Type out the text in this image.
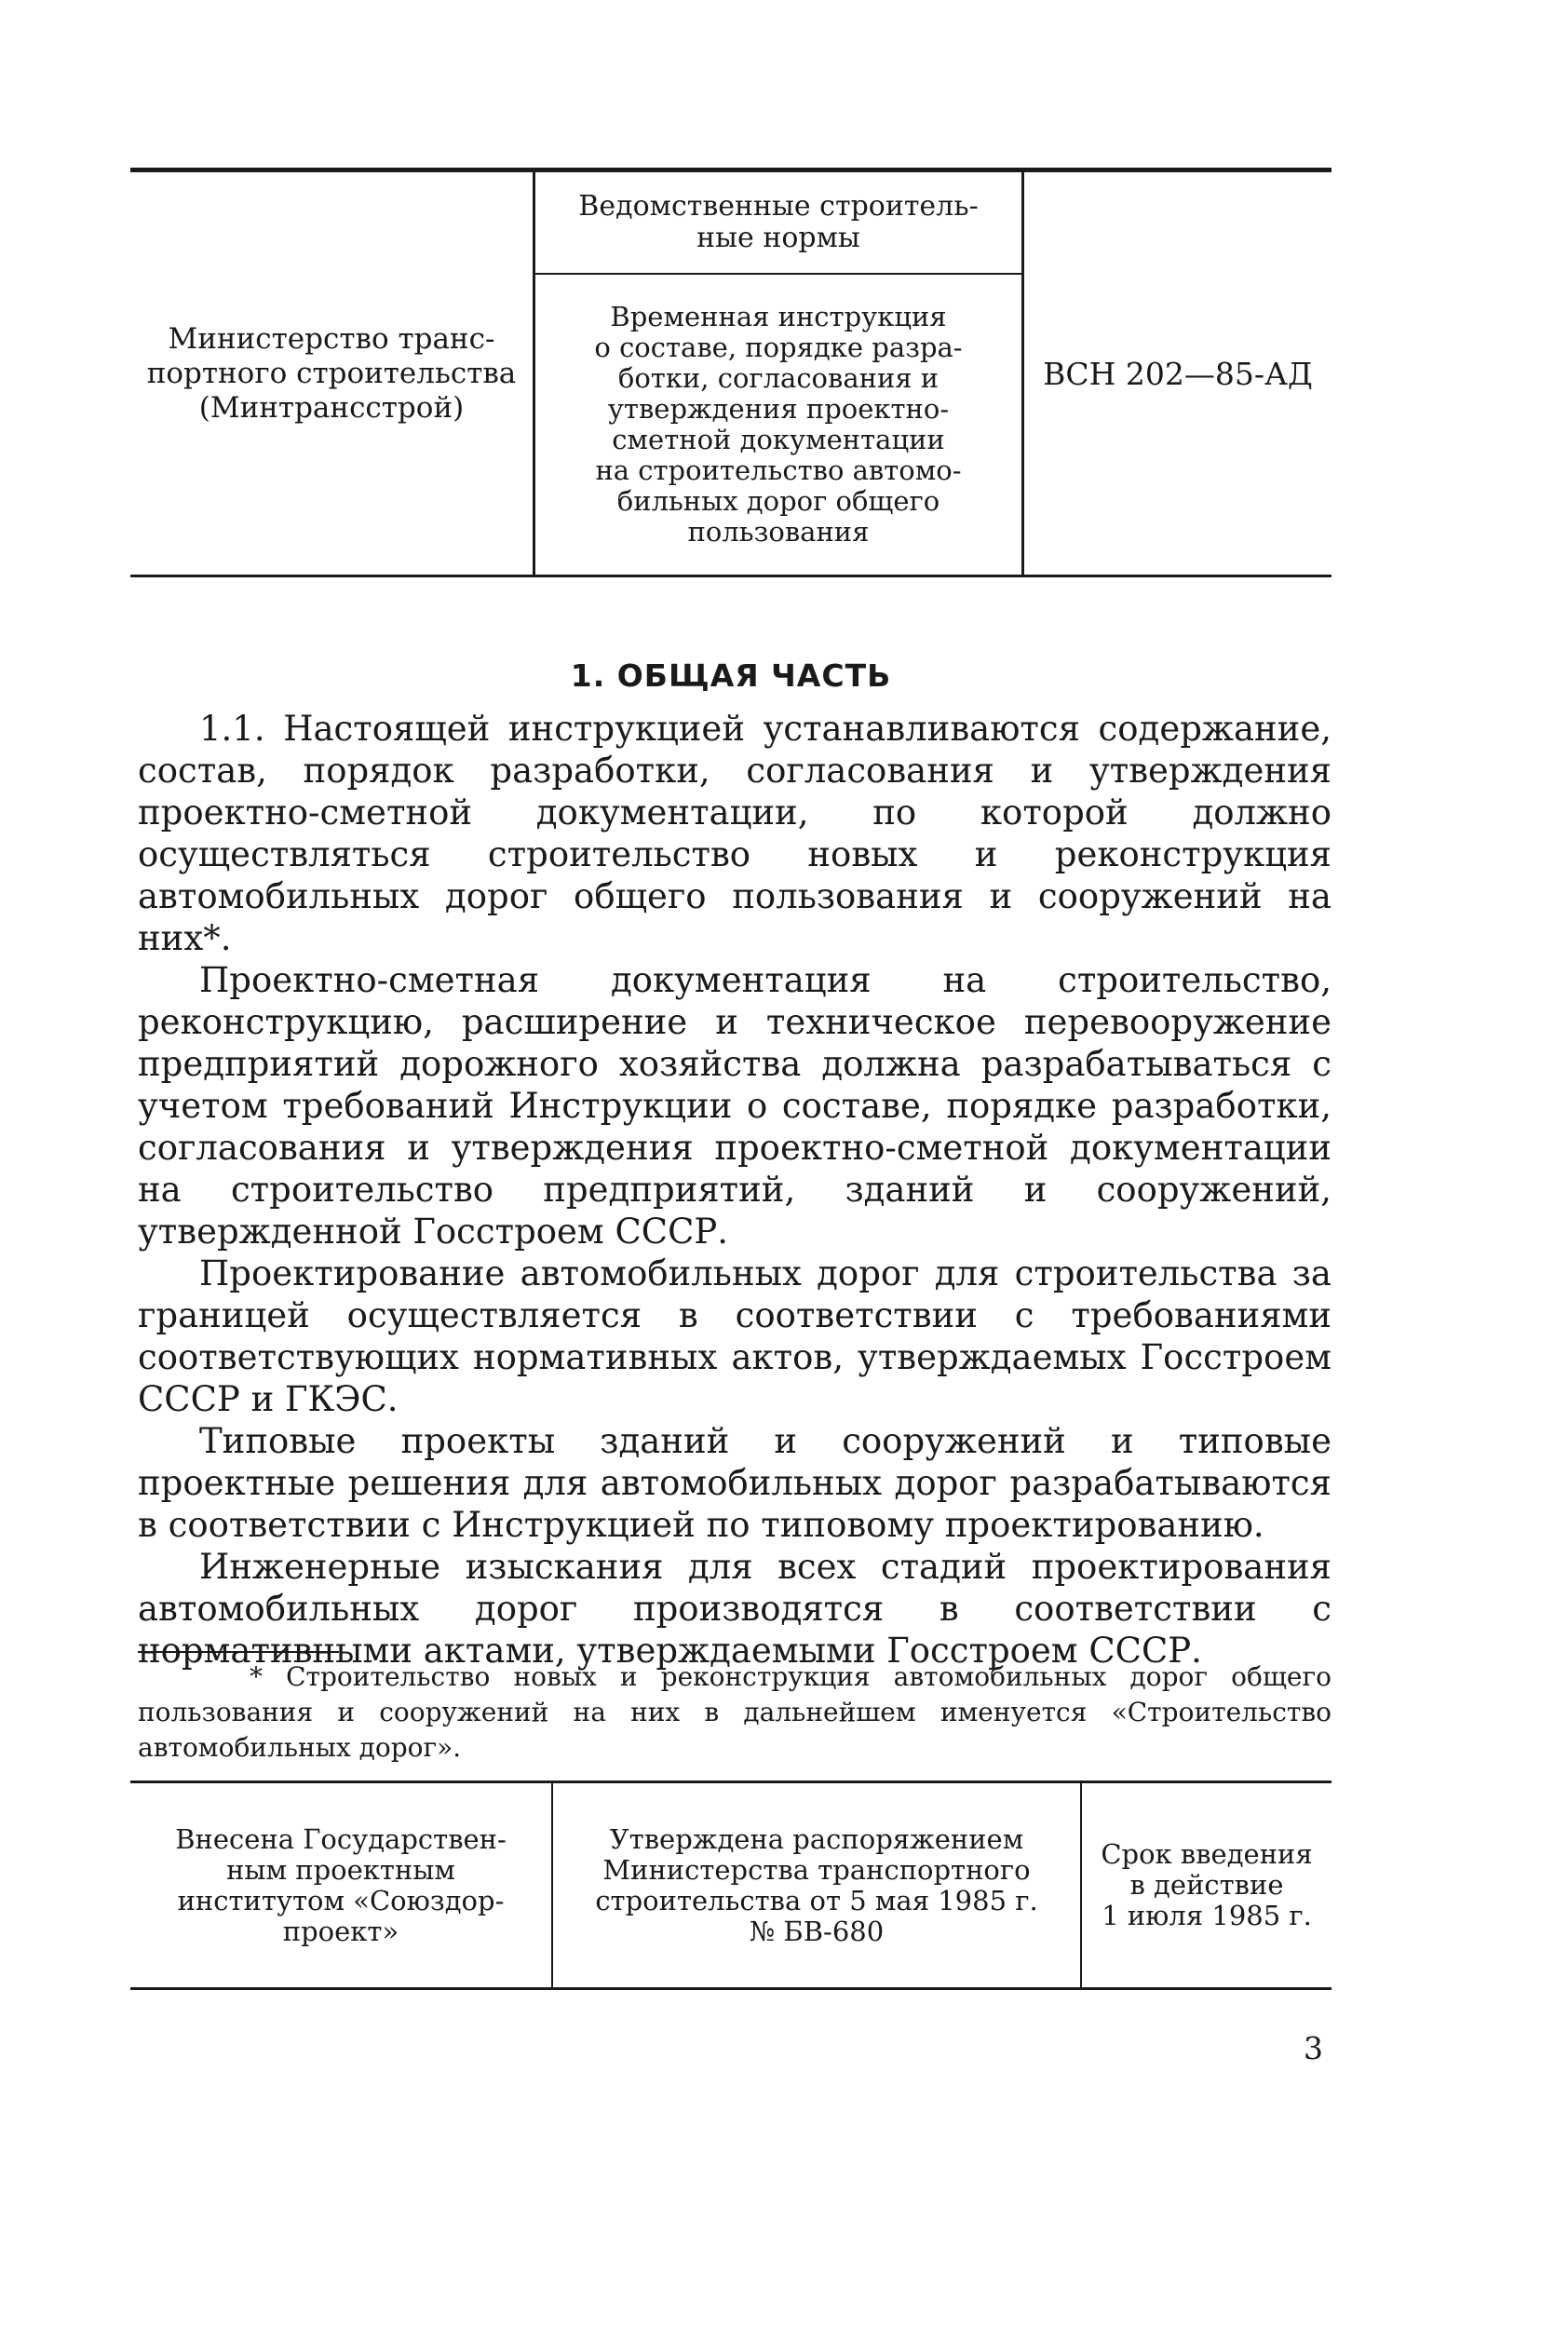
Министерство транс-
портного строительства
(Минтрансстрой)
Ведомственные строитель-
ные нормы
Временная инструкция
о составе, порядке разра-
ботки, согласования и
утверждения проектно-
сметной документации
на строительство автомо-
бильных дорог общего
пользования
ВСН 202—85-АД
1. ОБЩАЯ ЧАСТЬ

1.1. Настоящей инструкцией устанавливаются содержание, состав, порядок разработки, согласования и утверждения проектно-сметной документации, по которой должно осуществляться строительство новых и реконструкция автомобильных дорог общего пользования и сооружений на них*.

Проектно-сметная документация на строительство, реконструкцию, расширение и техническое перевооружение предприятий дорожного хозяйства должна разрабатываться с учетом требований Инструкции о составе, порядке разработки, согласования и утверждения проектно-сметной документации на строительство предприятий, зданий и сооружений, утвержденной Госстроем СССР.

Проектирование автомобильных дорог для строительства за границей осуществляется в соответствии с требованиями соответствующих нормативных актов, утверждаемых Госстроем СССР и ГКЭС.

Типовые проекты зданий и сооружений и типовые проектные решения для автомобильных дорог разрабатываются в соответствии с Инструкцией по типовому проектированию.

Инженерные изыскания для всех стадий проектирования автомобильных дорог производятся в соответствии с нормативными актами, утверждаемыми Госстроем СССР.

* Строительство новых и реконструкция автомобильных дорог общего пользования и сооружений на них в дальнейшем именуется «Строительство автомобильных дорог».

Внесена Государствен-
ным проектным
институтом «Союздор-
проект»
Утверждена распоряжением
Министерства транспортного
строительства от 5 мая 1985 г.
№ БВ-680
Срок введения
в действие
1 июля 1985 г.
3
